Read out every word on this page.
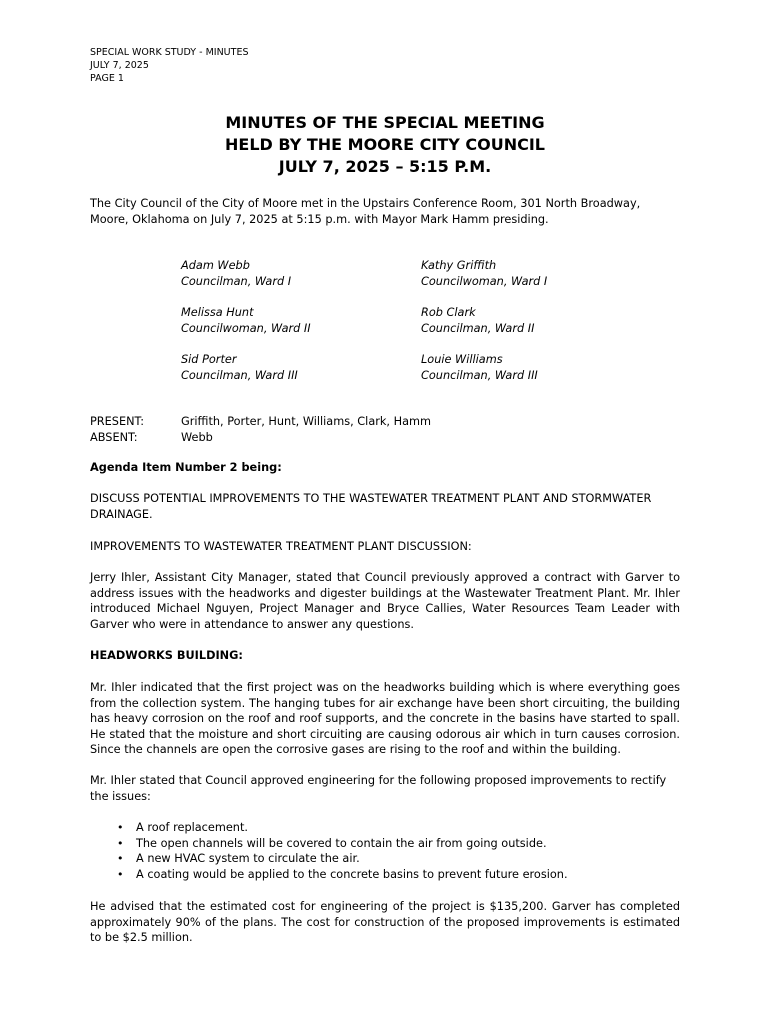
SPECIAL WORK STUDY - MINUTES
JULY 7, 2025
PAGE 1
MINUTES OF THE SPECIAL MEETING
HELD BY THE MOORE CITY COUNCIL
JULY 7, 2025 – 5:15 P.M.

The City Council of the City of Moore met in the Upstairs Conference Room, 301 North Broadway, Moore, Oklahoma on July 7, 2025 at 5:15 p.m. with Mayor Mark Hamm presiding.

Adam Webb
Councilman, Ward I
Kathy Griffith
Councilwoman, Ward I
Melissa Hunt
Councilwoman, Ward II
Rob Clark
Councilman, Ward II
Sid Porter
Councilman, Ward III
Louie Williams
Councilman, Ward III
PRESENT:	Griffith, Porter, Hunt, Williams, Clark, Hamm
ABSENT:	Webb

Agenda Item Number 2 being:

DISCUSS POTENTIAL IMPROVEMENTS TO THE WASTEWATER TREATMENT PLANT AND STORMWATER DRAINAGE.

IMPROVEMENTS TO WASTEWATER TREATMENT PLANT DISCUSSION:

Jerry Ihler, Assistant City Manager, stated that Council previously approved a contract with Garver to address issues with the headworks and digester buildings at the Wastewater Treatment Plant. Mr. Ihler introduced Michael Nguyen, Project Manager and Bryce Callies, Water Resources Team Leader with Garver who were in attendance to answer any questions.

HEADWORKS BUILDING:

Mr. Ihler indicated that the first project was on the headworks building which is where everything goes from the collection system. The hanging tubes for air exchange have been short circuiting, the building has heavy corrosion on the roof and roof supports, and the concrete in the basins have started to spall. He stated that the moisture and short circuiting are causing odorous air which in turn causes corrosion. Since the channels are open the corrosive gases are rising to the roof and within the building.

Mr. Ihler stated that Council approved engineering for the following proposed improvements to rectify the issues:

•	A roof replacement.
•	The open channels will be covered to contain the air from going outside.
•	A new HVAC system to circulate the air.
•	A coating would be applied to the concrete basins to prevent future erosion.

He advised that the estimated cost for engineering of the project is $135,200. Garver has completed approximately 90% of the plans. The cost for construction of the proposed improvements is estimated to be $2.5 million.
